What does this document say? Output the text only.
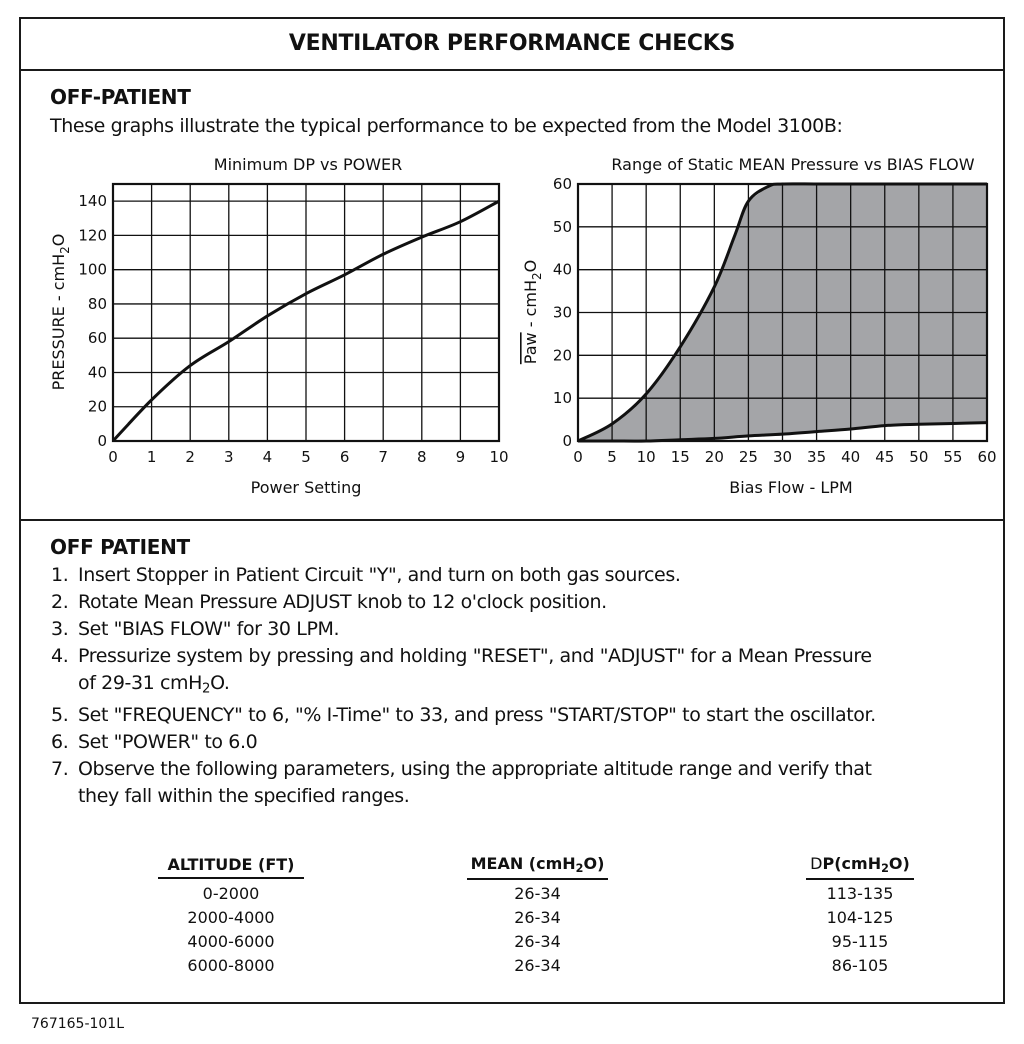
VENTILATOR PERFORMANCE CHECKS
OFF-PATIENT
These graphs illustrate the typical performance to be expected from the Model 3100B:
Minimum DP vs POWER
0 1 2 3 4 5 6 7 8 9 10
0
20
40
60
80
100
120
140
Power Setting
PRESSURE - cmH$_2$O
Range of Static MEAN Pressure vs BIAS FLOW
0 5 10 15 20 25 30 35 40 45 50 55 60
0
10
20
30
40
50
60
Bias Flow - LPM
Paw - cmH$_2$O
OFF PATIENT
1. Insert Stopper in Patient Circuit "Y", and turn on both gas sources.
2. Rotate Mean Pressure ADJUST knob to 12 o'clock position.
3. Set "BIAS FLOW" for 30 LPM.
4. Pressurize system by pressing and holding "RESET", and "ADJUST" for a Mean Pressure
of 29-31 cmH$_2$O.
5. Set "FREQUENCY" to 6, "% I-Time" to 33, and press "START/STOP" to start the oscillator.
6. Set "POWER" to 6.0
7. Observe the following parameters, using the appropriate altitude range and verify that
they fall within the specified ranges.
ALTITUDE (FT)	MEAN (cmH$_2$O)	DP(cmH$_2$O)
0-2000	26-34	113-135
2000-4000	26-34	104-125
4000-6000	26-34	95-115
6000-8000	26-34	86-105
767165-101L
